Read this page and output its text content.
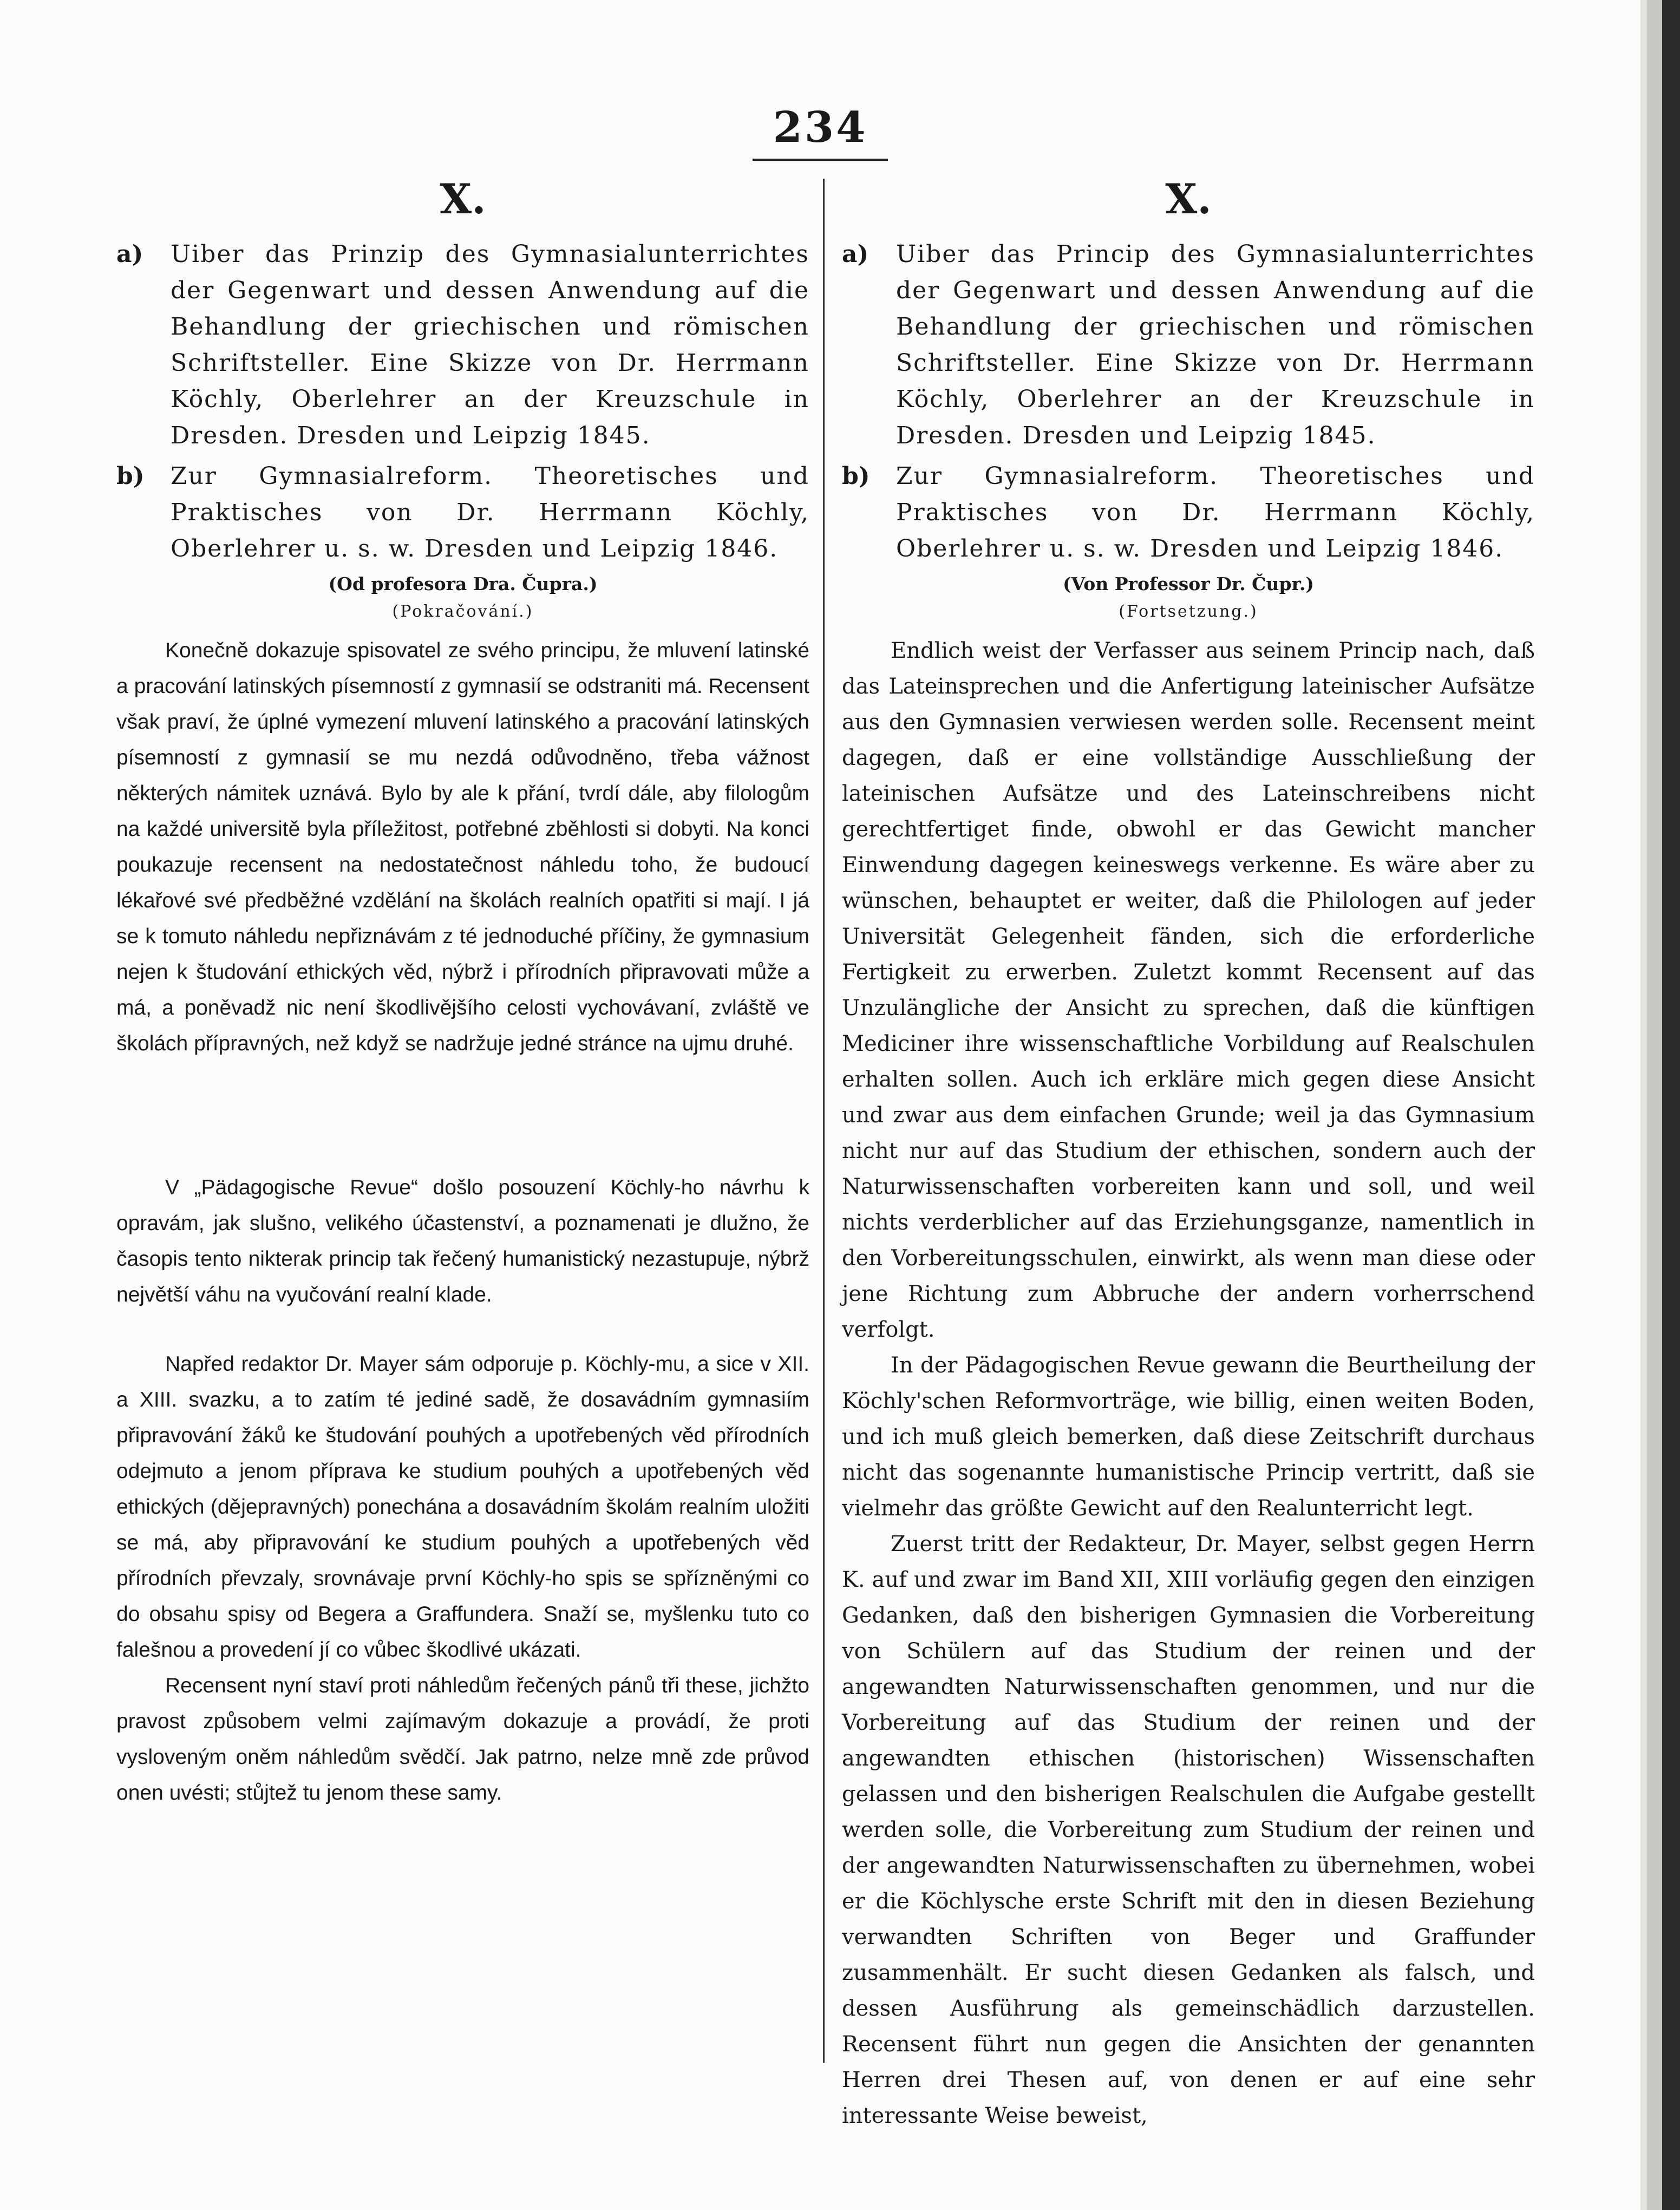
234
X.
a)	Uiber das Prinzip des Gymnasialunterrichtes der Gegenwart und dessen Anwendung auf die Behandlung der griechischen und römischen Schriftsteller. Eine Skizze von Dr. Herrmann Köchly, Oberlehrer an der Kreuzschule in Dresden. Dresden und Leipzig 1845.
b)	Zur Gymnasialreform. Theoretisches und Praktisches von Dr. Herrmann Köchly, Oberlehrer u. s. w. Dresden und Leipzig 1846.
(Od profesora Dra. Čupra.)
(Pokračování.)

Konečně dokazuje spisovatel ze svého principu, že mluvení latinské a pracování latinských písemností z gymnasií se odstraniti má. Recensent však praví, že úplné vymezení mluvení latinského a pracování latinských písemností z gymnasií se mu nezdá odůvodněno, třeba vážnost některých námitek uznává. Bylo by ale k přání, tvrdí dále, aby filologům na každé universitě byla příležitost, potřebné zběhlosti si dobyti. Na konci poukazuje recensent na nedostatečnost náhledu toho, že budoucí lékařové své předběžné vzdělání na školách realních opatřiti si mají. I já se k tomuto náhledu nepřiznávám z té jednoduché příčiny, že gymnasium nejen k študování ethických věd, nýbrž i přírodních připravovati může a má, a poněvadž nic není škodlivějšího celosti vychovávaní, zvláště ve školách přípravných, než když se nadržuje jedné stránce na ujmu druhé.

V „Pädagogische Revue“ došlo posouzení Köchly-ho návrhu k opravám, jak slušno, velikého účastenství, a poznamenati je dlužno, že časopis tento nikterak princip tak řečený humanistický nezastupuje, nýbrž největší váhu na vyučování realní klade.

Napřed redaktor Dr. Mayer sám odporuje p. Köchly-mu, a sice v XII. a XIII. svazku, a to zatím té jediné sadě, že dosavádním gymnasiím připravování žáků ke študování pouhých a upotřebených věd přírodních odejmuto a jenom příprava ke studium pouhých a upotřebených věd ethických (dějepravných) ponechána a dosavádním školám realním uložiti se má, aby připravování ke studium pouhých a upotřebených věd přírodních převzaly, srovnávaje první Köchly-ho spis se spřízněnými co do obsahu spisy od Begera a Graffundera. Snaží se, myšlenku tuto co falešnou a provedení jí co vůbec škodlivé ukázati.

Recensent nyní staví proti náhledům řečených pánů tři these, jichžto pravost způsobem velmi zajímavým dokazuje a provádí, že proti vysloveným oněm náhledům svědčí. Jak patrno, nelze mně zde průvod onen uvésti; stůjtež tu jenom these samy.

X.
a)	Uiber das Princip des Gymnasialunterrichtes der Gegenwart und dessen Anwendung auf die Behandlung der griechischen und römischen Schriftsteller. Eine Skizze von Dr. Herrmann Köchly, Oberlehrer an der Kreuzschule in Dresden. Dresden und Leipzig 1845.
b)	Zur Gymnasialreform. Theoretisches und Praktisches von Dr. Herrmann Köchly, Oberlehrer u. s. w. Dresden und Leipzig 1846.
(Von Professor Dr. Čupr.)
(Fortsetzung.)

Endlich weist der Verfasser aus seinem Princip nach, daß das Lateinsprechen und die Anfertigung lateinischer Aufsätze aus den Gymnasien verwiesen werden solle. Recensent meint dagegen, daß er eine vollständige Ausschließung der lateinischen Aufsätze und des Lateinschreibens nicht gerechtfertiget finde, obwohl er das Gewicht mancher Einwendung dagegen keineswegs verkenne. Es wäre aber zu wünschen, behauptet er weiter, daß die Philologen auf jeder Universität Gelegenheit fänden, sich die erforderliche Fertigkeit zu erwerben. Zuletzt kommt Recensent auf das Unzulängliche der Ansicht zu sprechen, daß die künftigen Mediciner ihre wissenschaftliche Vorbildung auf Realschulen erhalten sollen. Auch ich erkläre mich gegen diese Ansicht und zwar aus dem einfachen Grunde; weil ja das Gymnasium nicht nur auf das Studium der ethischen, sondern auch der Naturwissenschaften vorbereiten kann und soll, und weil nichts verderblicher auf das Erziehungsganze, namentlich in den Vorbereitungsschulen, einwirkt, als wenn man diese oder jene Richtung zum Abbruche der andern vorherrschend verfolgt.

In der Pädagogischen Revue gewann die Beurtheilung der Köchly'schen Reformvorträge, wie billig, einen weiten Boden, und ich muß gleich bemerken, daß diese Zeitschrift durchaus nicht das sogenannte humanistische Princip vertritt, daß sie vielmehr das größte Gewicht auf den Realunterricht legt.

Zuerst tritt der Redakteur, Dr. Mayer, selbst gegen Herrn K. auf und zwar im Band XII, XIII vorläufig gegen den einzigen Gedanken, daß den bisherigen Gymnasien die Vorbereitung von Schülern auf das Studium der reinen und der angewandten Naturwissenschaften genommen, und nur die Vorbereitung auf das Studium der reinen und der angewandten ethischen (historischen) Wissenschaften gelassen und den bisherigen Realschulen die Aufgabe gestellt werden solle, die Vorbereitung zum Studium der reinen und der angewandten Naturwissenschaften zu übernehmen, wobei er die Köchlysche erste Schrift mit den in diesen Beziehung verwandten Schriften von Beger und Graffunder zusammenhält. Er sucht diesen Gedanken als falsch, und dessen Ausführung als gemeinschädlich darzustellen. Recensent führt nun gegen die Ansichten der genannten Herren drei Thesen auf, von denen er auf eine sehr interessante Weise beweist,
